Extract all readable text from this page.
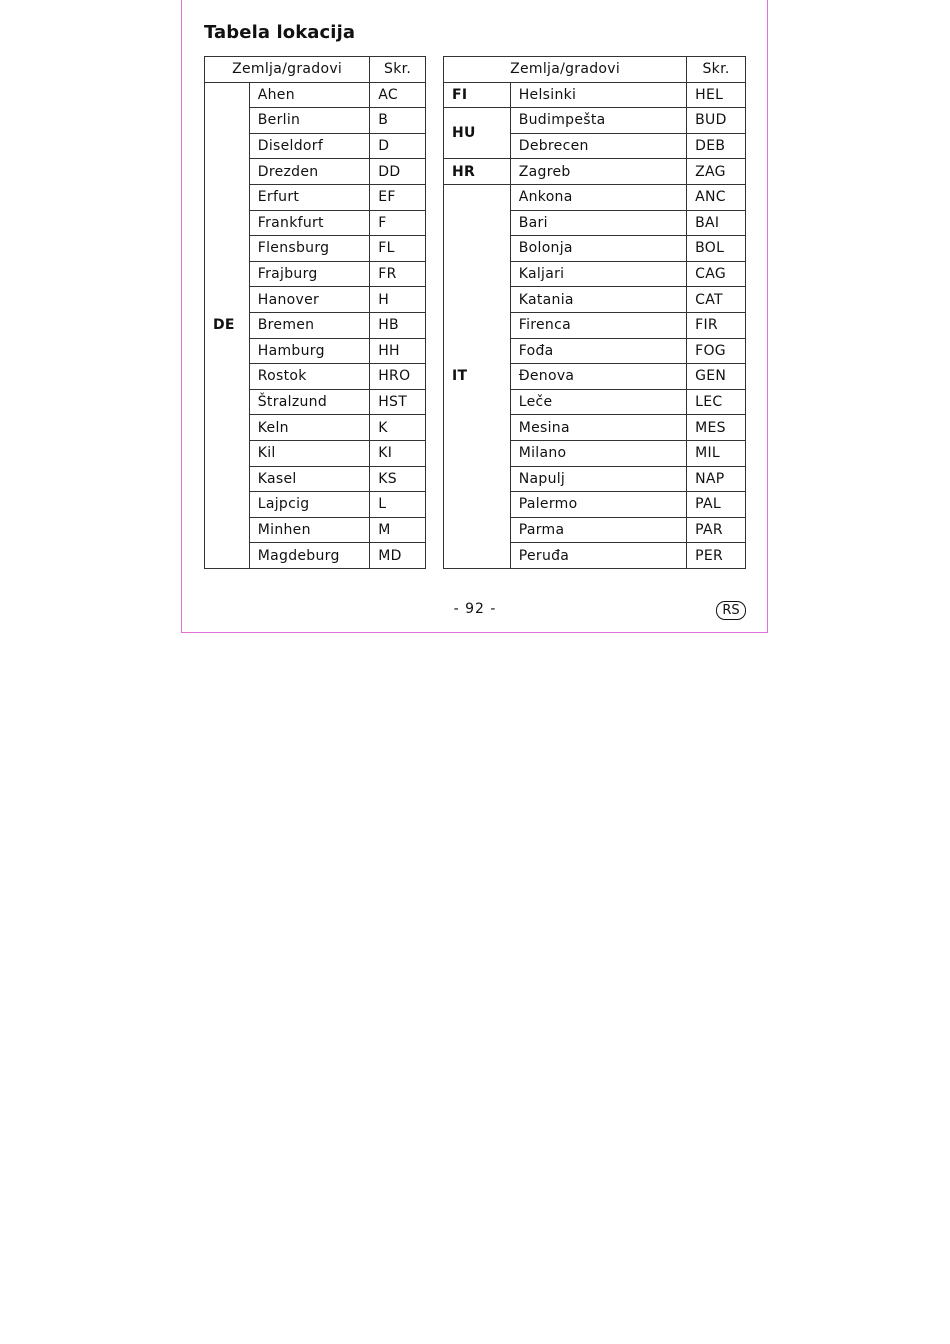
Tabela lokacija
Zemlja/gradovi		Skr.
DE	Ahen	AC
	Berlin	B
	Diseldorf	D
	Drezden	DD
	Erfurt	EF
	Frankfurt	F
	Flensburg	FL
	Frajburg	FR
	Hanover	H
	Bremen	HB
	Hamburg	HH
	Rostok	HRO
	Štralzund	HST
	Keln	K
	Kil	KI
	Kasel	KS
	Lajpcig	L
	Minhen	M
	Magdeburg	MD
Zemlja/gradovi		Skr.
FI	Helsinki	HEL
HU	Budimpešta	BUD
	Debrecen	DEB
HR	Zagreb	ZAG
IT	Ankona	ANC
	Bari	BAI
	Bolonja	BOL
	Kaljari	CAG
	Katania	CAT
	Firenca	FIR
	Fođa	FOG
	Đenova	GEN
	Leče	LEC
	Mesina	MES
	Milano	MIL
	Napulj	NAP
	Palermo	PAL
	Parma	PAR
	Peruđa	PER
- 92 -	RS
